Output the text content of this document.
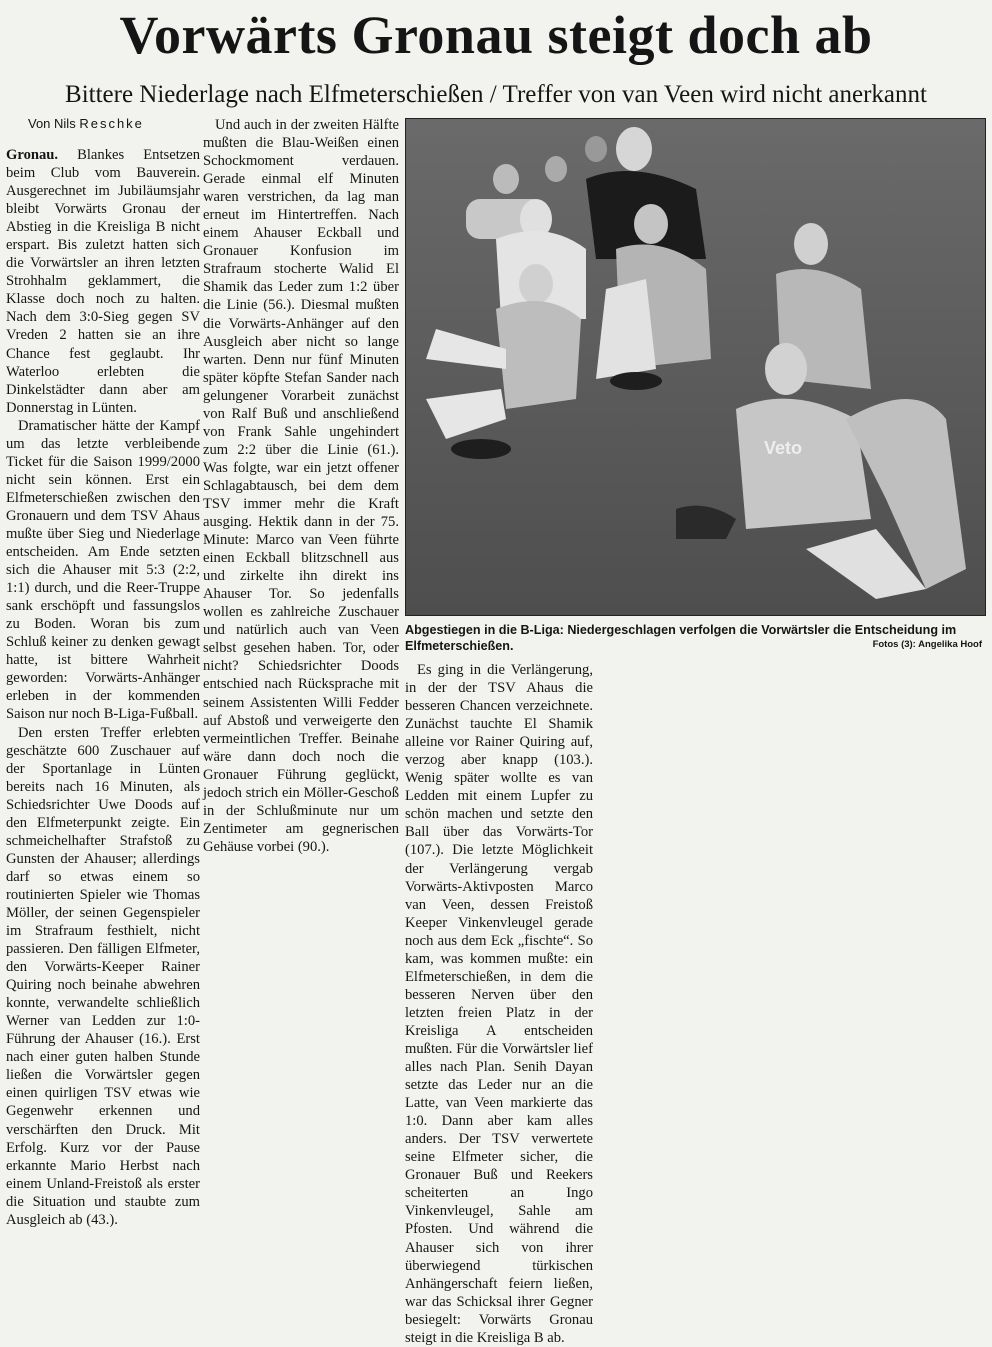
Vorwärts Gronau steigt doch ab
Bittere Niederlage nach Elfmeterschießen / Treffer von van Veen wird nicht anerkannt
Von Nils Reschke

Gronau. Blankes Entsetzen beim Club vom Bauverein. Ausgerechnet im Jubiläumsjahr bleibt Vorwärts Gronau der Abstieg in die Kreisliga B nicht erspart. Bis zuletzt hatten sich die Vorwärtsler an ihren letzten Strohhalm geklammert, die Klasse doch noch zu halten. Nach dem 3:0-Sieg gegen SV Vreden 2 hatten sie an ihre Chance fest geglaubt. Ihr Waterloo erlebten die Dinkelstädter dann aber am Donnerstag in Lünten.

Dramatischer hätte der Kampf um das letzte verbleibende Ticket für die Saison 1999/2000 nicht sein können. Erst ein Elfmeterschießen zwischen den Gronauern und dem TSV Ahaus mußte über Sieg und Niederlage entscheiden. Am Ende setzten sich die Ahauser mit 5:3 (2:2, 1:1) durch, und die Reer-Truppe sank erschöpft und fassungslos zu Boden. Woran bis zum Schluß keiner zu denken gewagt hatte, ist bittere Wahrheit geworden: Vorwärts-Anhänger erleben in der kommenden Saison nur noch B-Liga-Fußball.

Den ersten Treffer erlebten geschätzte 600 Zuschauer auf der Sportanlage in Lünten bereits nach 16 Minuten, als Schiedsrichter Uwe Doods auf den Elfmeterpunkt zeigte. Ein schmeichelhafter Strafstoß zu Gunsten der Ahauser; allerdings darf so etwas einem so routinierten Spieler wie Thomas Möller, der seinen Gegenspieler im Strafraum festhielt, nicht passieren. Den fälligen Elfmeter, den Vorwärts-Keeper Rainer Quiring noch beinahe abwehren konnte, verwandelte schließlich Werner van Ledden zur 1:0-Führung der Ahauser (16.). Erst nach einer guten halben Stunde ließen die Vorwärtsler gegen einen quirligen TSV etwas wie Gegenwehr erkennen und verschärften den Druck. Mit Erfolg. Kurz vor der Pause erkannte Mario Herbst nach einem Unland-Freistoß als erster die Situation und staubte zum Ausgleich ab (43.).

Und auch in der zweiten Hälfte mußten die Blau-Weißen einen Schockmoment verdauen. Gerade einmal elf Minuten waren verstrichen, da lag man erneut im Hintertreffen. Nach einem Ahauser Eckball und Gronauer Konfusion im Strafraum stocherte Walid El Shamik das Leder zum 1:2 über die Linie (56.). Diesmal mußten die Vorwärts-Anhänger auf den Ausgleich aber nicht so lange warten. Denn nur fünf Minuten später köpfte Stefan Sander nach gelungener Vorarbeit zunächst von Ralf Buß und anschließend von Frank Sahle ungehindert zum 2:2 über die Linie (61.). Was folgte, war ein jetzt offener Schlagabtausch, bei dem dem TSV immer mehr die Kraft ausging. Hektik dann in der 75. Minute: Marco van Veen führte einen Eckball blitzschnell aus und zirkelte ihn direkt ins Ahauser Tor. So jedenfalls wollen es zahlreiche Zuschauer und natürlich auch van Veen selbst gesehen haben. Tor, oder nicht? Schiedsrichter Doods entschied nach Rücksprache mit seinem Assistenten Willi Fedder auf Abstoß und verweigerte den vermeintlichen Treffer. Beinahe wäre dann doch noch die Gronauer Führung geglückt, jedoch strich ein Möller-Geschoß in der Schlußminute nur um Zentimeter am gegnerischen Gehäuse vorbei (90.).

Es ging in die Verlängerung, in der der TSV Ahaus die besseren Chancen verzeichnete. Zunächst tauchte El Shamik alleine vor Rainer Quiring auf, verzog aber knapp (103.). Wenig später wollte es van Ledden mit einem Lupfer zu schön machen und setzte den Ball über das Vorwärts-Tor (107.). Die letzte Möglichkeit der Verlängerung vergab Vorwärts-Aktivposten Marco van Veen, dessen Freistoß Keeper Vinkenvleugel gerade noch aus dem Eck „fischte“. So kam, was kommen mußte: ein Elfmeterschießen, in dem die besseren Nerven über den letzten freien Platz in der Kreisliga A entscheiden mußten. Für die Vorwärtsler lief alles nach Plan. Senih Dayan setzte das Leder nur an die Latte, van Veen markierte das 1:0. Dann aber kam alles anders. Der TSV verwertete seine Elfmeter sicher, die Gronauer Buß und Reekers scheiterten an Ingo Vinkenvleugel, Sahle am Pfosten. Und während die Ahauser sich von ihrer überwiegend türkischen Anhängerschaft feiern ließen, war das Schicksal ihrer Gegner besiegelt: Vorwärts Gronau steigt in die Kreisliga B ab.

Veto
Abgestiegen in die B-Liga: Niedergeschlagen verfolgen die Vorwärtsler die Entscheidung im Elfmeterschießen.	Fotos (3): Angelika Hoof
